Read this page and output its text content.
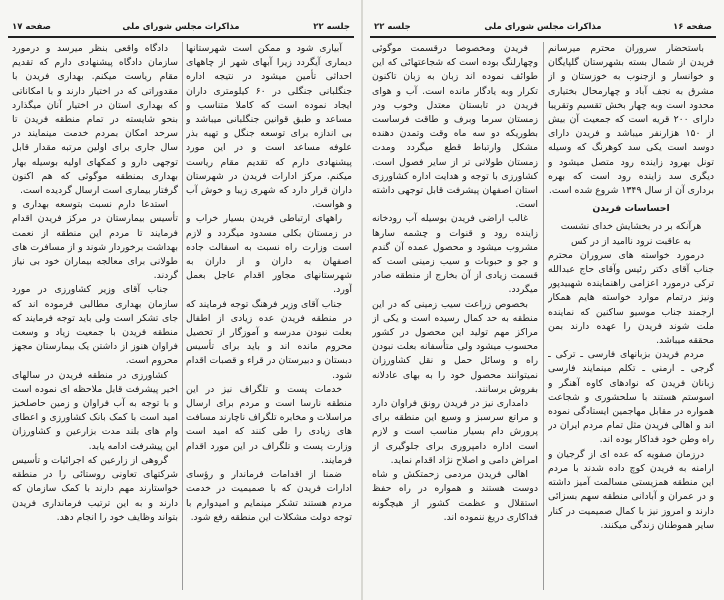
صفحه ۱۷	مذاکرات مجلس شورای ملی	جلسه ۲۲

دادگاه واقعی بنظر میرسد و درمورد سازمان دادگاه پیشنهادی دارم که تقدیم مقام ریاست میکنم. بهداری فریدن با مقدوراتی که در اختیار دارند و با امکاناتی که بهداری استان در اختیار آنان میگذارد بنحو شایسته در تمام منطقه فریدن تا سرحد امکان بمردم خدمت مینمایند در سال جاری برای اولین مرتبه مقدار قابل توجهی دارو و کمکهای اولیه بوسیله بهار بهداری بمنطقه موگوئی که هم اکنون گرفتار بیماری است ارسال گردیده است.

استدعا دارم نسبت بتوسعه بهداری و تأسیس بیمارستان در مرکز فریدن اقدام فرمایند تا مردم این منطقه از نعمت بهداشت برخوردار شوند و از مسافرت های طولانی برای معالجه بیماران خود بی نیاز گردند.

جناب آقای وزیر کشاورزی در مورد سازمان بهداری مطالبی فرموده اند که جای تشکر است ولی باید توجه فرمایند که منطقه فریدن با جمعیت زیاد و وسعت فراوان هنوز از داشتن یک بیمارستان مجهز محروم است.

کشاورزی در منطقه فریدن در سالهای اخیر پیشرفت قابل ملاحظه ای نموده است و با توجه به آب فراوان و زمین حاصلخیز امید است با کمک بانک کشاورزی و اعطای وام های بلند مدت بزارعین و کشاورزان این پیشرفت ادامه یابد.

گروهی از زارعین که اجرائیات و تأسیس شرکتهای تعاونی روستائی را در منطقه خواستارند مهم دارند با کمک سازمان که دارند و به این ترتیب فرمانداری فریدن بتواند وظایف خود را انجام دهد.

آبیاری شود و ممکن است شهرستانها دیماری آیگردد زیرا آبهای شهر از چاههای احداثی تأمین میشود در نتیجه اداره جنگلبانی جنگلی در ۶۰ کیلومتری داران ایجاد نموده است که کاملا متناسب و مساعد و طبق قوانین جنگلبانی میباشد و بی اندازه برای توسعه جنگل و تهیه بذر علوفه مساعد است و در این مورد پیشنهادی دارم که تقدیم مقام ریاست میکنم. مرکز ادارات فریدن در شهرستان داران قرار دارد که شهری زیبا و خوش آب و هواست.

راههای ارتباطی فریدن بسیار خراب و در زمستان بکلی مسدود میگردد و لازم است وزارت راه نسبت به اسفالت جاده اصفهان به داران و از داران به شهرستانهای مجاور اقدام عاجل بعمل آورد.

جناب آقای وزیر فرهنگ توجه فرمایند که در منطقه فریدن عده زیادی از اطفال بعلت نبودن مدرسه و آموزگار از تحصیل محروم مانده اند و باید برای تأسیس دبستان و دبیرستان در قراء و قصبات اقدام شود.

خدمات پست و تلگراف نیز در این منطقه نارسا است و مردم برای ارسال مراسلات و مخابره تلگراف ناچارند مسافت های زیادی را طی کنند که امید است وزارت پست و تلگراف در این مورد اقدام فرمایند.

ضمنا از اقدامات فرماندار و رؤسای ادارات فریدن که با صمیمیت در خدمت مردم هستند تشکر مینمایم و امیدوارم با توجه دولت مشکلات این منطقه رفع شود.

جلسه ۲۲	مذاکرات مجلس شورای ملی	صفحه ۱۶

فریدن ومخصوصا درقسمت موگوئی وچهارلنگ بوده است که شجاعتهائی که این طوائف نموده اند زبان به زبان تاکنون تکرار وبه یادگار مانده است. آب و هوای فریدن در تابستان معتدل وخوب ودر زمستان سرما وبرف و طاقت فرساست بطوریکه دو سه ماه وقت وتمدن دهنده مشکل وارتباط قطع میگردد ومدت زمستان طولانی تر از سایر فصول است. کشاورزی با توجه و هدایت اداره کشاورزی استان اصفهان پیشرفت قابل توجهی داشته است.

غالب اراضی فریدن بوسیله آب رودخانه زاینده رود و قنوات و چشمه سارها مشروب میشود و محصول عمده آن گندم و جو و حبوبات و سیب زمینی است که قسمت زیادی از آن بخارج از منطقه صادر میگردد.

بخصوص زراعت سیب زمینی که در این منطقه به حد کمال رسیده است و یکی از مراکز مهم تولید این محصول در کشور محسوب میشود ولی متأسفانه بعلت نبودن راه و وسائل حمل و نقل کشاورزان نمیتوانند محصول خود را به بهای عادلانه بفروش برسانند.

دامداری نیز در فریدن رونق فراوان دارد و مراتع سرسبز و وسیع این منطقه برای پرورش دام بسیار مناسب است و لازم است اداره دامپروری برای جلوگیری از امراض دامی و اصلاح نژاد اقدام نماید.

اهالی فریدن مردمی زحمتکش و شاه دوست هستند و همواره در راه حفظ استقلال و عظمت کشور از هیچگونه فداکاری دریغ ننموده اند.

باستحضار سروران محترم میرسانم فریدن از شمال بسته بشهرستان گلپایگان و خوانسار و ازجنوب به خوزستان و از مشرق به نجف آباد و چهارمحال بختیاری محدود است وبه چهار بخش تقسیم وتقریبا دارای ۲۰۰ قریه است که جمعیت آن بیش از ۱۵۰ هزارنفر میباشد و فریدن دارای دوسد است یکی سد کوهرنگ که وسیله تونل بهرود زاینده رود متصل میشود و دیگری سد زاینده رود است که بهره برداری آن از سال ۱۳۴۹ شروع شده است.

احساسات فریدن

هرآنکه بر در بخشایش خدای نشست

به عاقبت نرود ناامید از در کس

درمورد خواسته های سروران محترم جناب آقای دکتر رئیس وآقای حاج عبدالله ترکی درمورد اعزامی راهنماینده شهبیدپور ونیز درتمام موارد خواسته هایم همکار ارجمند جناب موسیو ساکنین که نماینده ملت شوند فریدن را عهده دارند بمن محققه میباشد.

مردم فریدن بزبانهای فارسی ـ ترکی ـ گرجی ـ ارمنی ـ تکلم مینمایند فارسی زبانان فریدن که نوادهای کاوه آهنگر و اسوستم هستند با سلحشوری و شجاعت همواره در مقابل مهاجمین ایستادگی نموده اند و اهالی فریدن مثل تمام مردم ایران در راه وطن خود فداکار بوده اند.

درزمان صفویه که عده ای از گرجیان و ارامنه به فریدن کوچ داده شدند با مردم این منطقه همزیستی مسالمت آمیز داشته و در عمران و آبادانی منطقه سهم بسزائی دارند و امروز نیز با کمال صمیمیت در کنار سایر هموطنان زندگی میکنند.
